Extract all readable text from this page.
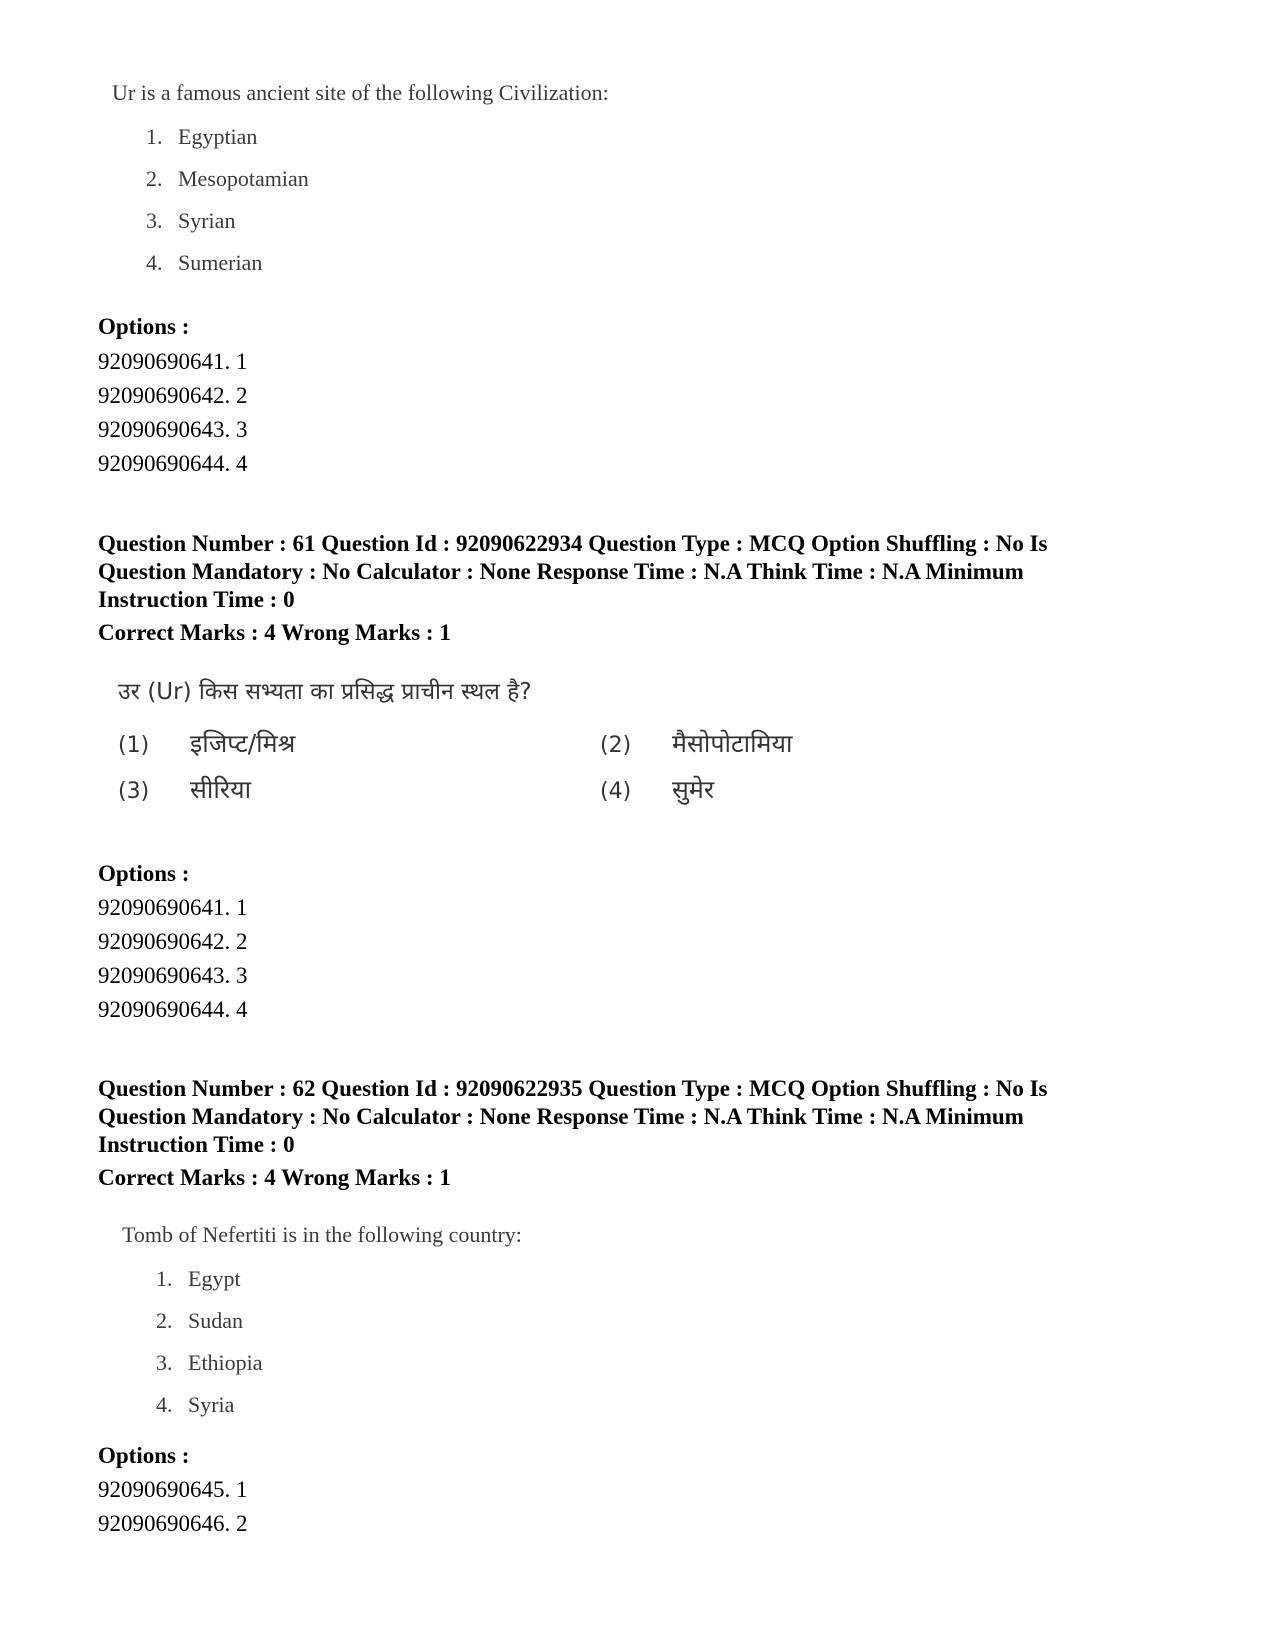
Ur is a famous ancient site of the following Civilization:
1. Egyptian
2. Mesopotamian
3. Syrian
4. Sumerian
Options :
92090690641. 1
92090690642. 2
92090690643. 3
92090690644. 4
Question Number : 61 Question Id : 92090622934 Question Type : MCQ Option Shuffling : No Is
Question Mandatory : No Calculator : None Response Time : N.A Think Time : N.A Minimum
Instruction Time : 0
Correct Marks : 4 Wrong Marks : 1
उर (Ur) किस सभ्यता का प्रसिद्ध प्राचीन स्थल है?
(1) इजिप्ट/मिश्र	(2) मैसोपोटामिया
(3) सीरिया	(4) सुमेर
Options :
92090690641. 1
92090690642. 2
92090690643. 3
92090690644. 4
Question Number : 62 Question Id : 92090622935 Question Type : MCQ Option Shuffling : No Is
Question Mandatory : No Calculator : None Response Time : N.A Think Time : N.A Minimum
Instruction Time : 0
Correct Marks : 4 Wrong Marks : 1
Tomb of Nefertiti is in the following country:
1. Egypt
2. Sudan
3. Ethiopia
4. Syria
Options :
92090690645. 1
92090690646. 2
